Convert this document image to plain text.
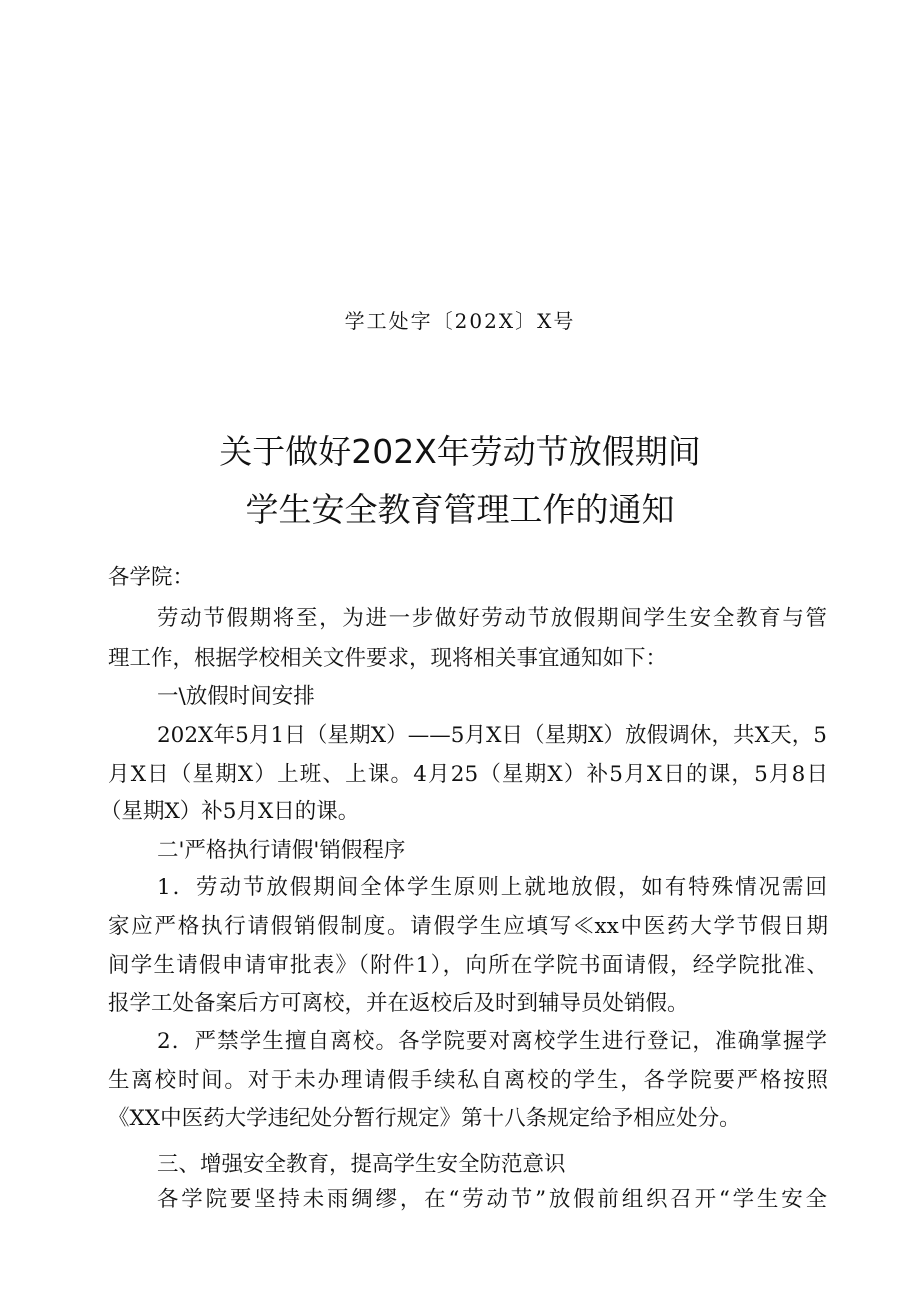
学工处字〔202X〕X号
关于做好202X年劳动节放假期间
学生安全教育管理工作的通知
各学院：
劳动节假期将至，为进一步做好劳动节放假期间学生安全教育与管
理工作，根据学校相关文件要求，现将相关事宜通知如下：
一\放假时间安排
202X年5月1日（星期X）——5月X日（星期X）放假调休，共X天，5
月X日（星期X）上班、上课。4月25（星期X）补5月X日的课，5月8日
（星期X）补5月X日的课。
二'严格执行请假'销假程序
1．劳动节放假期间全体学生原则上就地放假，如有特殊情况需回
家应严格执行请假销假制度。请假学生应填写≪xx中医药大学节假日期
间学生请假申请审批表》（附件1），向所在学院书面请假，经学院批准、
报学工处备案后方可离校，并在返校后及时到辅导员处销假。
2．严禁学生擅自离校。各学院要对离校学生进行登记，准确掌握学
生离校时间。对于未办理请假手续私自离校的学生，各学院要严格按照
《XX中医药大学违纪处分暂行规定》第十八条规定给予相应处分。
三、增强安全教育，提高学生安全防范意识
各学院要坚持未雨绸缪，在“劳动节”放假前组织召开“学生安全
